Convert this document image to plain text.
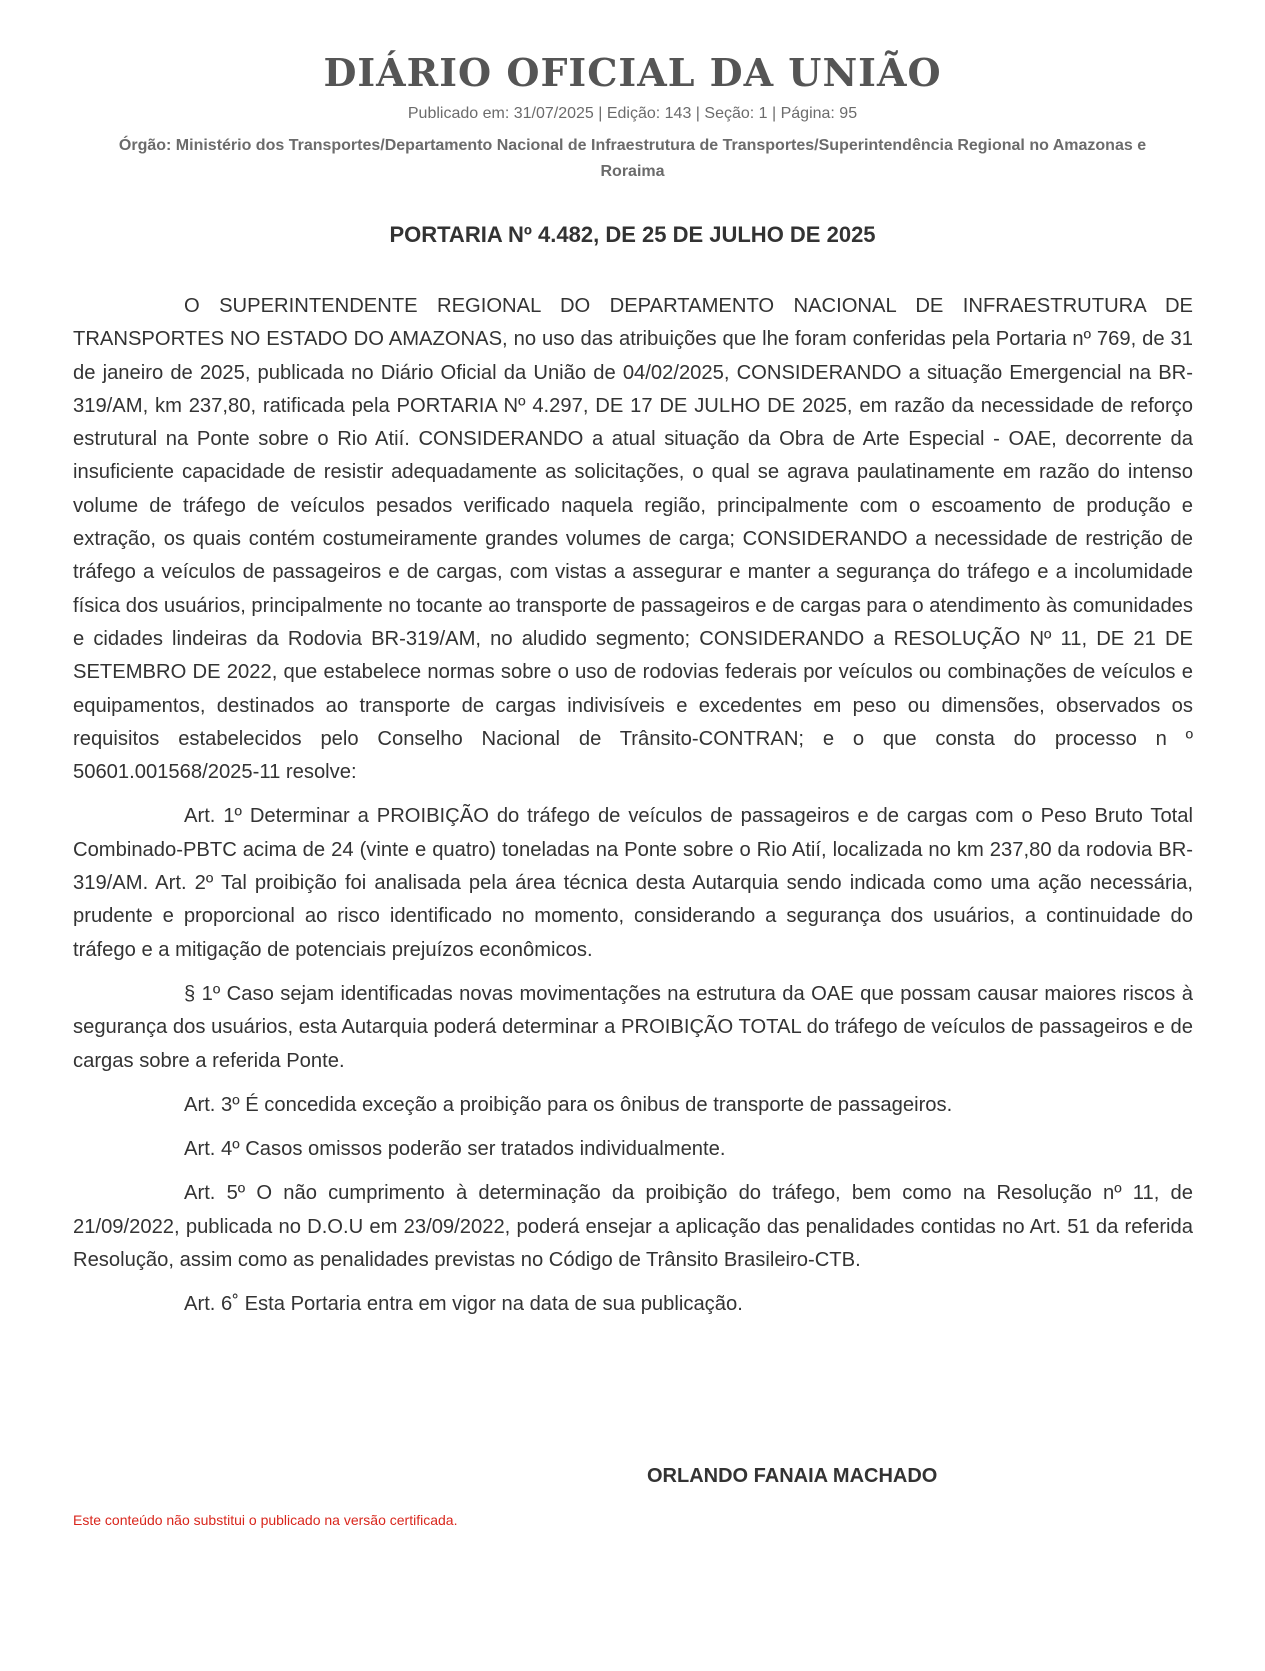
DIÁRIO OFICIAL DA UNIÃO
Publicado em: 31/07/2025 | Edição: 143 | Seção: 1 | Página: 95
Órgão: Ministério dos Transportes/Departamento Nacional de Infraestrutura de Transportes/Superintendência Regional no Amazonas e Roraima
PORTARIA Nº 4.482, DE 25 DE JULHO DE 2025

O SUPERINTENDENTE REGIONAL DO DEPARTAMENTO NACIONAL DE INFRAESTRUTURA DE TRANSPORTES NO ESTADO DO AMAZONAS, no uso das atribuições que lhe foram conferidas pela Portaria nº 769, de 31 de janeiro de 2025, publicada no Diário Oficial da União de 04/02/2025, CONSIDERANDO a situação Emergencial na BR-319/AM, km 237,80, ratificada pela PORTARIA Nº 4.297, DE 17 DE JULHO DE 2025, em razão da necessidade de reforço estrutural na Ponte sobre o Rio Atií. CONSIDERANDO a atual situação da Obra de Arte Especial - OAE, decorrente da insuficiente capacidade de resistir adequadamente as solicitações, o qual se agrava paulatinamente em razão do intenso volume de tráfego de veículos pesados verificado naquela região, principalmente com o escoamento de produção e extração, os quais contém costumeiramente grandes volumes de carga; CONSIDERANDO a necessidade de restrição de tráfego a veículos de passageiros e de cargas, com vistas a assegurar e manter a segurança do tráfego e a incolumidade física dos usuários, principalmente no tocante ao transporte de passageiros e de cargas para o atendimento às comunidades e cidades lindeiras da Rodovia BR-319/AM, no aludido segmento; CONSIDERANDO a RESOLUÇÃO Nº 11, DE 21 DE SETEMBRO DE 2022, que estabelece normas sobre o uso de rodovias federais por veículos ou combinações de veículos e equipamentos, destinados ao transporte de cargas indivisíveis e excedentes em peso ou dimensões, observados os requisitos estabelecidos pelo Conselho Nacional de Trânsito-CONTRAN; e o que consta do processo n º 50601.001568/2025-11 resolve:

Art. 1º Determinar a PROIBIÇÃO do tráfego de veículos de passageiros e de cargas com o Peso Bruto Total Combinado-PBTC acima de 24 (vinte e quatro) toneladas na Ponte sobre o Rio Atií, localizada no km 237,80 da rodovia BR-319/AM. Art. 2º Tal proibição foi analisada pela área técnica desta Autarquia sendo indicada como uma ação necessária, prudente e proporcional ao risco identificado no momento, considerando a segurança dos usuários, a continuidade do tráfego e a mitigação de potenciais prejuízos econômicos.

§ 1º Caso sejam identificadas novas movimentações na estrutura da OAE que possam causar maiores riscos à segurança dos usuários, esta Autarquia poderá determinar a PROIBIÇÃO TOTAL do tráfego de veículos de passageiros e de cargas sobre a referida Ponte.

Art. 3º É concedida exceção a proibição para os ônibus de transporte de passageiros.

Art. 4º Casos omissos poderão ser tratados individualmente.

Art. 5º O não cumprimento à determinação da proibição do tráfego, bem como na Resolução nº 11, de 21/09/2022, publicada no D.O.U em 23/09/2022, poderá ensejar a aplicação das penalidades contidas no Art. 51 da referida Resolução, assim como as penalidades previstas no Código de Trânsito Brasileiro-CTB.

Art. 6˚ Esta Portaria entra em vigor na data de sua publicação.

ORLANDO FANAIA MACHADO
Este conteúdo não substitui o publicado na versão certificada.
